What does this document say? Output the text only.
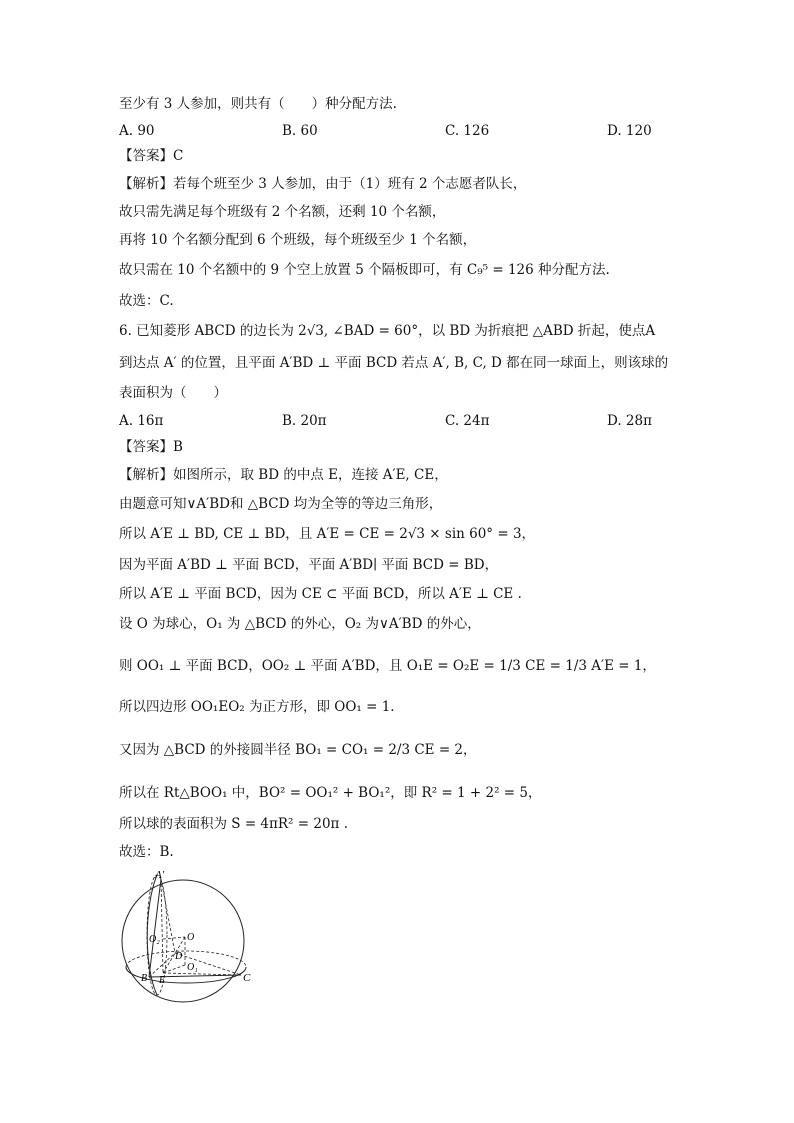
至少有 3 人参加，则共有（　　）种分配方法.
A. 90	B. 60	C. 126	D. 120
【答案】C
【解析】若每个班至少 3 人参加，由于（1）班有 2 个志愿者队长，
故只需先满足每个班级有 2 个名额，还剩 10 个名额，
再将 10 个名额分配到 6 个班级，每个班级至少 1 个名额，
故只需在 10 个名额中的 9 个空上放置 5 个隔板即可，有 C₉⁵ = 126 种分配方法.
故选：C.
6. 已知菱形 ABCD 的边长为 2√3, ∠BAD = 60°，以 BD 为折痕把 △ABD 折起，使点A
到达点 A′ 的位置，且平面 A′BD ⊥ 平面 BCD 若点 A′, B, C, D 都在同一球面上，则该球的
表面积为（　　）
A. 16π	B. 20π	C. 24π	D. 28π
【答案】B
【解析】如图所示，取 BD 的中点 E，连接 A′E, CE，
由题意可知∨A′BD和 △BCD 均为全等的等边三角形，
所以 A′E ⊥ BD, CE ⊥ BD，且 A′E = CE = 2√3 × sin 60° = 3，
因为平面 A′BD ⊥ 平面 BCD，平面 A′BD∣ 平面 BCD = BD，
所以 A′E ⊥ 平面 BCD，因为 CE ⊂ 平面 BCD，所以 A′E ⊥ CE .
设 O 为球心，O₁ 为 △BCD 的外心，O₂ 为∨A′BD 的外心，
则 OO₁ ⊥ 平面 BCD，OO₂ ⊥ 平面 A′BD，且 O₁E = O₂E = 1/3 CE = 1/3 A′E = 1，
所以四边形 OO₁EO₂ 为正方形，即 OO₁ = 1.
又因为 △BCD 的外接圆半径 BO₁ = CO₁ = 2/3 CE = 2，
所以在 Rt△BOO₁ 中，BO² = OO₁² + BO₁²，即 R² = 1 + 2² = 5，
所以球的表面积为 S = 4πR² = 20π .
故选：B.
A′
O₂	O
D
O₁
B E	C
